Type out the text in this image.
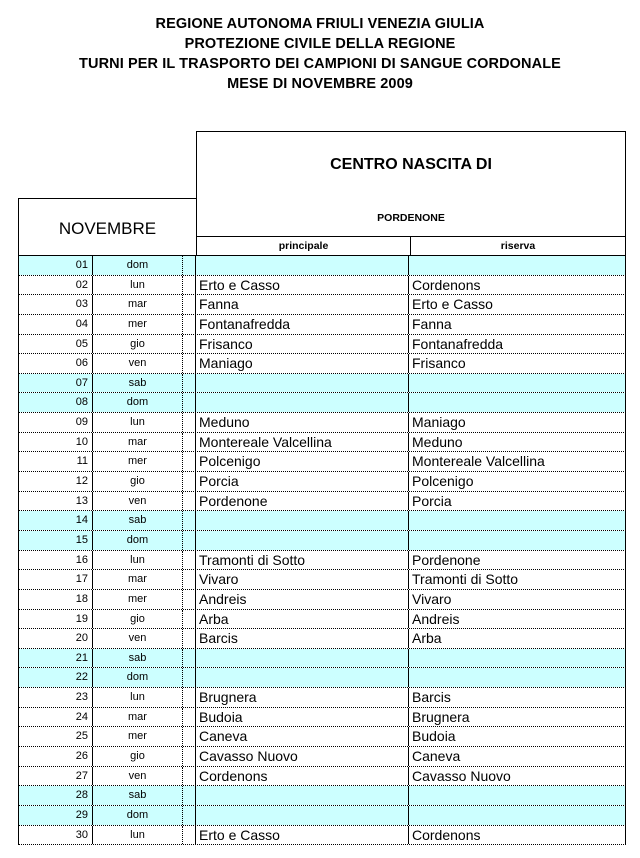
REGIONE AUTONOMA FRIULI VENEZIA GIULIA
PROTEZIONE CIVILE DELLA REGIONE
TURNI PER IL TRASPORTO DEI CAMPIONI DI SANGUE CORDONALE
MESE DI NOVEMBRE 2009
NOVEMBRE
CENTRO NASCITA DI
PORDENONE
principale	riserva
01	dom
02	lun	Erto e Casso	Cordenons
03	mar	Fanna	Erto e Casso
04	mer	Fontanafredda	Fanna
05	gio	Frisanco	Fontanafredda
06	ven	Maniago	Frisanco
07	sab
08	dom
09	lun	Meduno	Maniago
10	mar	Montereale Valcellina	Meduno
11	mer	Polcenigo	Montereale Valcellina
12	gio	Porcia	Polcenigo
13	ven	Pordenone	Porcia
14	sab
15	dom
16	lun	Tramonti di Sotto	Pordenone
17	mar	Vivaro	Tramonti di Sotto
18	mer	Andreis	Vivaro
19	gio	Arba	Andreis
20	ven	Barcis	Arba
21	sab
22	dom
23	lun	Brugnera	Barcis
24	mar	Budoia	Brugnera
25	mer	Caneva	Budoia
26	gio	Cavasso Nuovo	Caneva
27	ven	Cordenons	Cavasso Nuovo
28	sab
29	dom
30	lun	Erto e Casso	Cordenons
